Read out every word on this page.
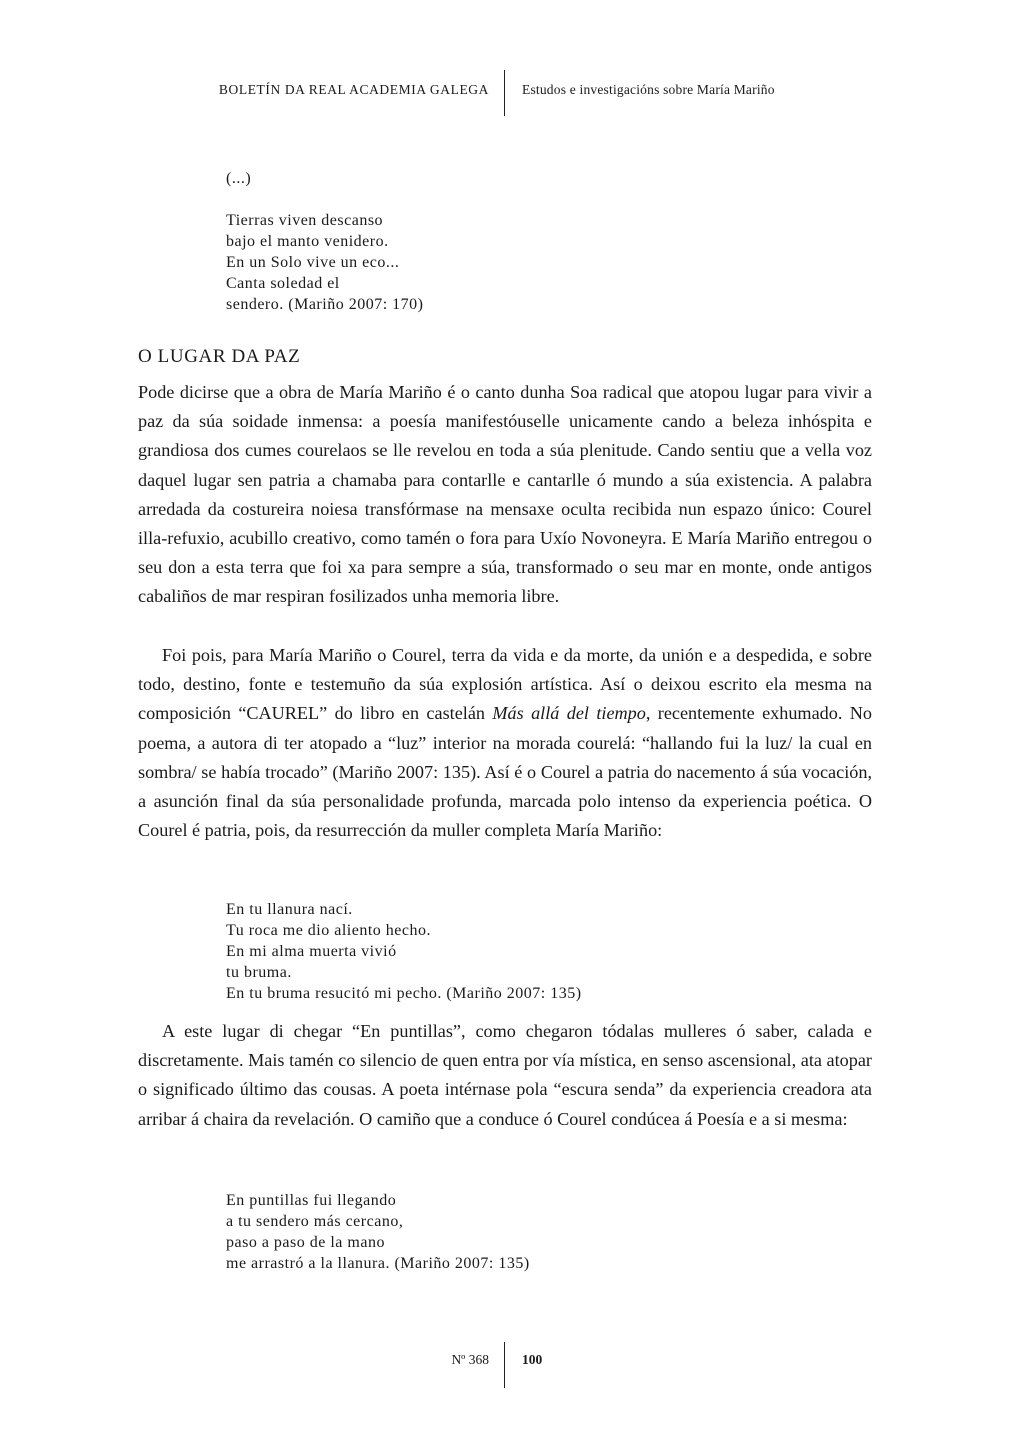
BOLETÍN DA REAL ACADEMIA GALEGA Estudos e investigacións sobre María Mariño
(...)
Tierras viven descanso
bajo el manto venidero.
En un Solo vive un eco...
Canta soledad el
sendero. (Mariño 2007: 170)
O LUGAR DA PAZ

Pode dicirse que a obra de María Mariño é o canto dunha Soa radical que atopou lugar para vivir a paz da súa soidade inmensa: a poesía manifestóuselle unicamente cando a beleza inhóspita e grandiosa dos cumes courelaos se lle revelou en toda a súa plenitude. Cando sentiu que a vella voz daquel lugar sen patria a chamaba para contarlle e cantarlle ó mundo a súa existencia. A palabra arredada da costureira noiesa transfórmase na mensaxe oculta recibida nun espazo único: Courel illa-refuxio, acubillo creativo, como tamén o fora para Uxío Novoneyra. E María Mariño entregou o seu don a esta terra que foi xa para sempre a súa, transformado o seu mar en monte, onde antigos cabaliños de mar respiran fosilizados unha memoria libre.

Foi pois, para María Mariño o Courel, terra da vida e da morte, da unión e a despedida, e sobre todo, destino, fonte e testemuño da súa explosión artística. Así o deixou escrito ela mesma na composición “CAUREL” do libro en castelán Más allá del tiempo, recentemente exhumado. No poema, a autora di ter atopado a “luz” interior na morada courelá: “hallando fui la luz/ la cual en sombra/ se había trocado” (Mariño 2007: 135). Así é o Courel a patria do nacemento á súa vocación, a asunción final da súa personalidade profunda, marcada polo intenso da experiencia poética. O Courel é patria, pois, da resurrección da muller completa María Mariño:

En tu llanura nací.
Tu roca me dio aliento hecho.
En mi alma muerta vivió
tu bruma.
En tu bruma resucitó mi pecho. (Mariño 2007: 135)

A este lugar di chegar “En puntillas”, como chegaron tódalas mulleres ó saber, calada e discretamente. Mais tamén co silencio de quen entra por vía mística, en senso ascensional, ata atopar o significado último das cousas. A poeta intérnase pola “escura senda” da experiencia creadora ata arribar á chaira da revelación. O camiño que a conduce ó Courel condúcea á Poesía e a si mesma:

En puntillas fui llegando
a tu sendero más cercano,
paso a paso de la mano
me arrastró a la llanura. (Mariño 2007: 135)
Nº 368 100
